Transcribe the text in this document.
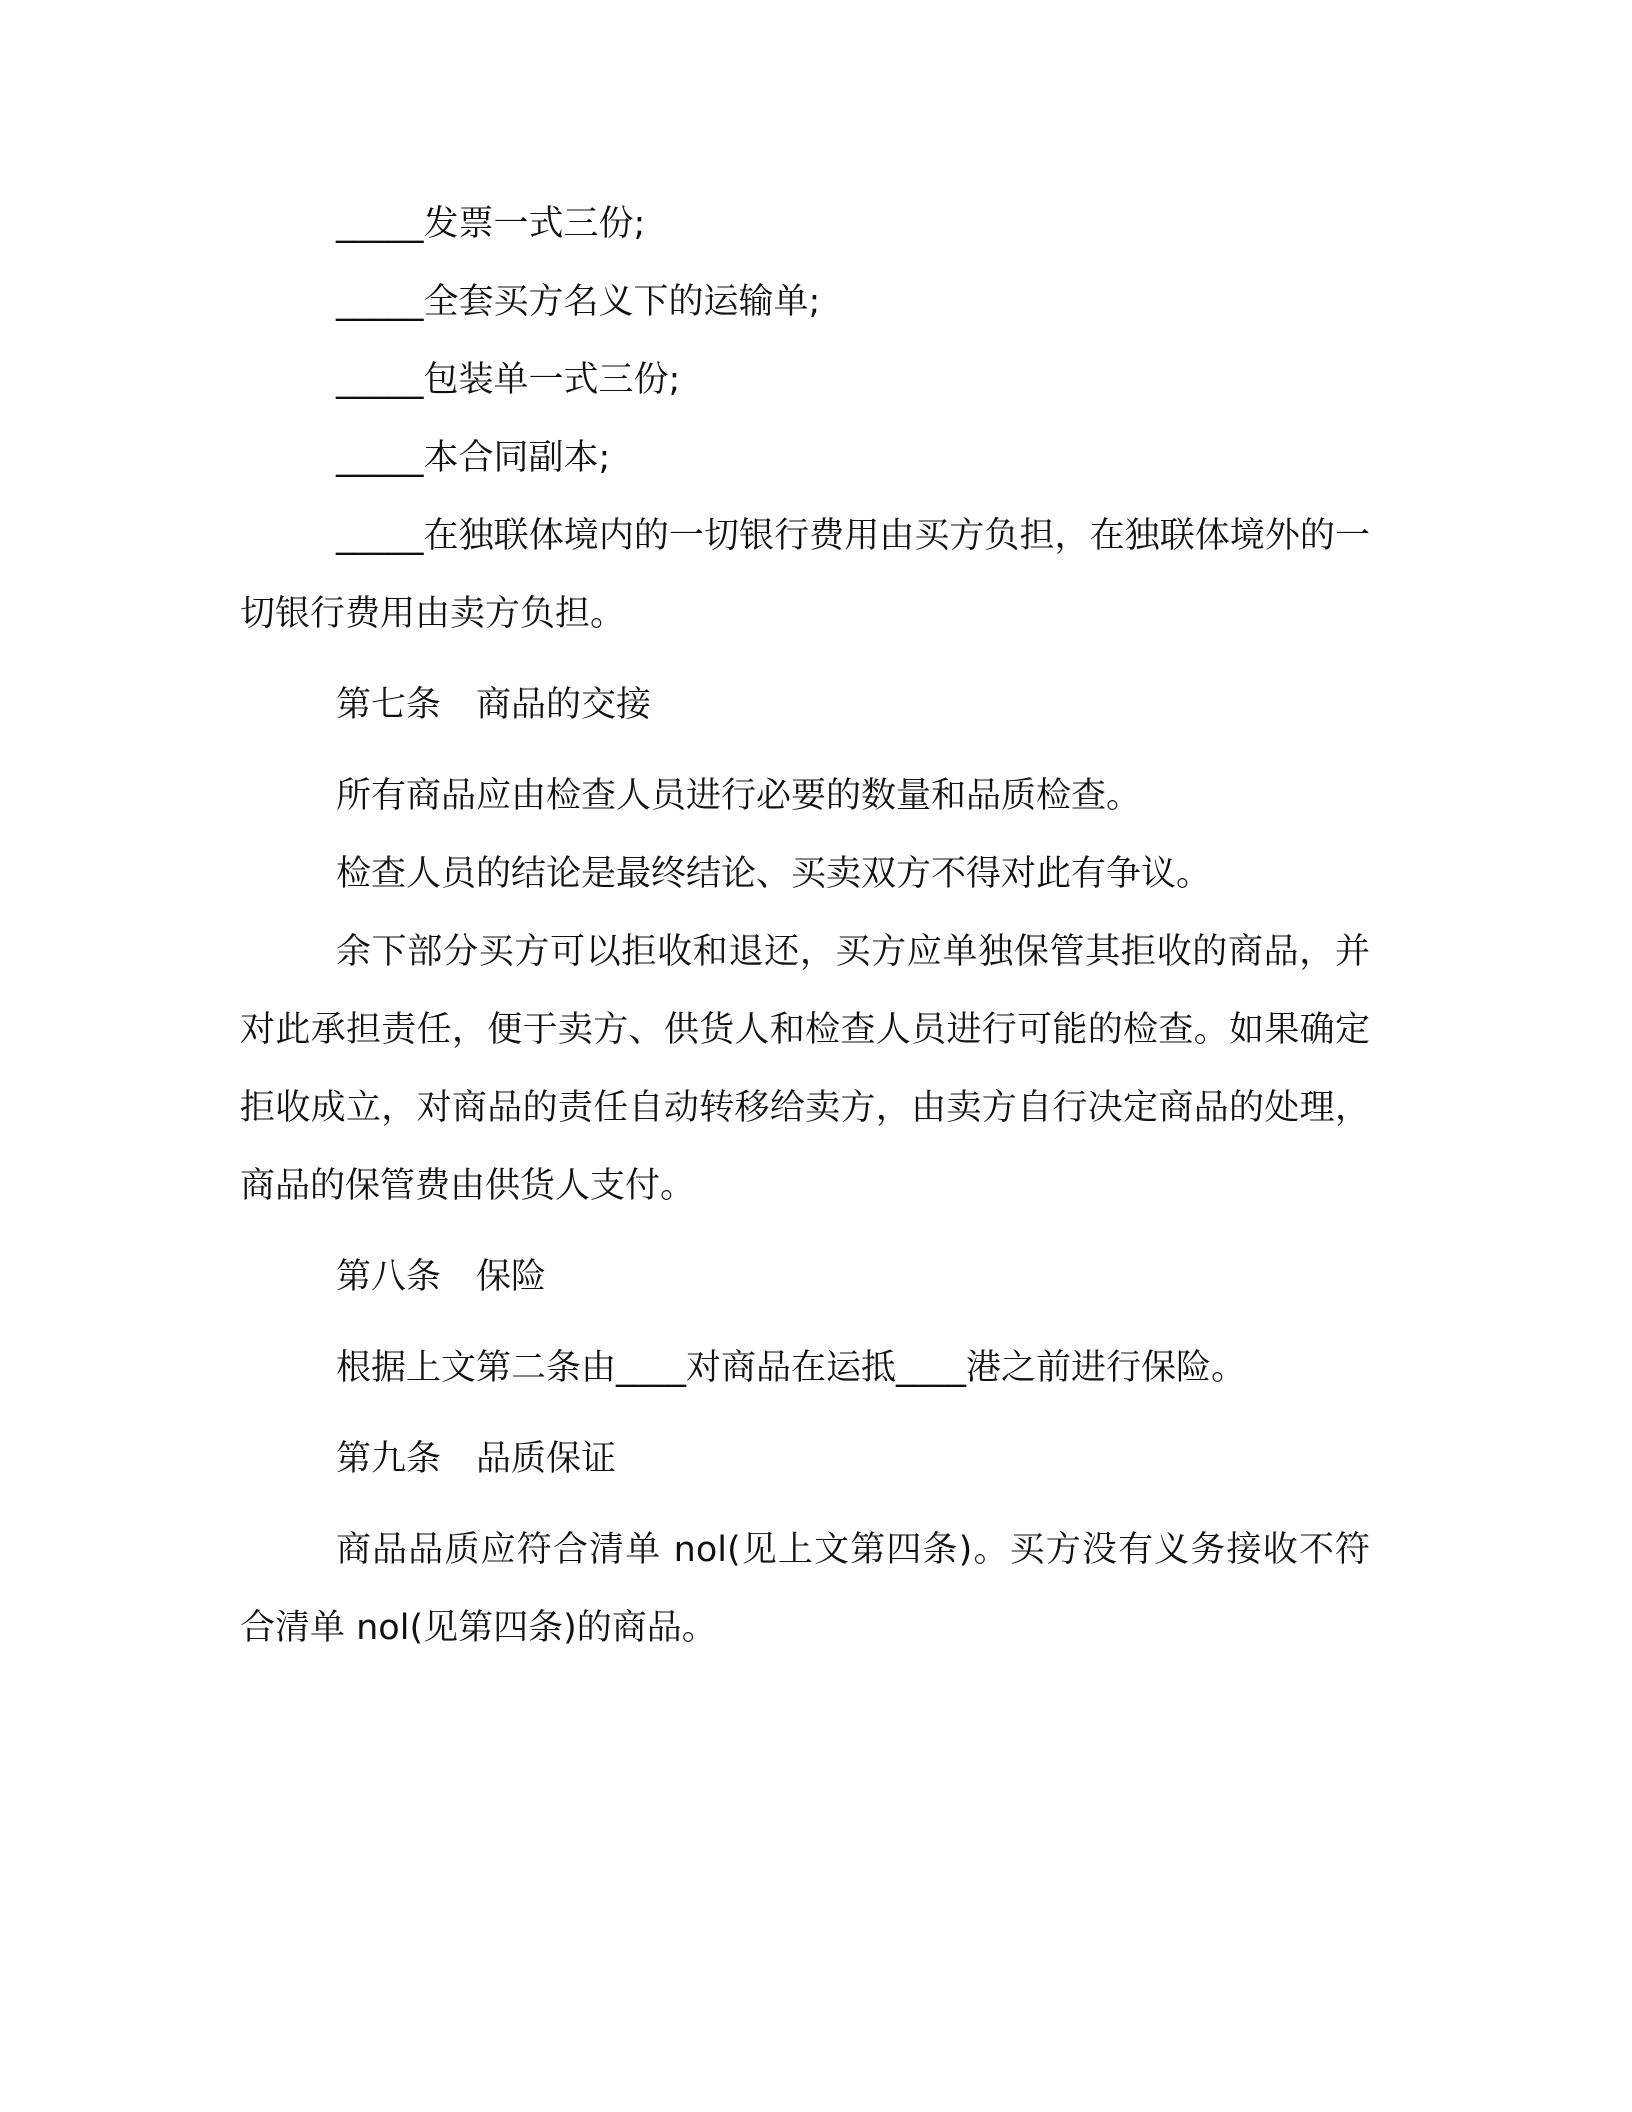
_____发票一式三份;

_____全套买方名义下的运输单;

_____包装单一式三份;

_____本合同副本;

_____在独联体境内的一切银行费用由买方负担，在独联体境外的一切银行费用由卖方负担。

第七条　商品的交接

所有商品应由检查人员进行必要的数量和品质检查。

检查人员的结论是最终结论、买卖双方不得对此有争议。

余下部分买方可以拒收和退还，买方应单独保管其拒收的商品，并对此承担责任，便于卖方、供货人和检查人员进行可能的检查。如果确定拒收成立，对商品的责任自动转移给卖方，由卖方自行决定商品的处理，商品的保管费由供货人支付。

第八条　保险

根据上文第二条由____对商品在运抵____港之前进行保险。

第九条　品质保证

商品品质应符合清单 nol(见上文第四条)。买方没有义务接收不符合清单 nol(见第四条)的商品。
